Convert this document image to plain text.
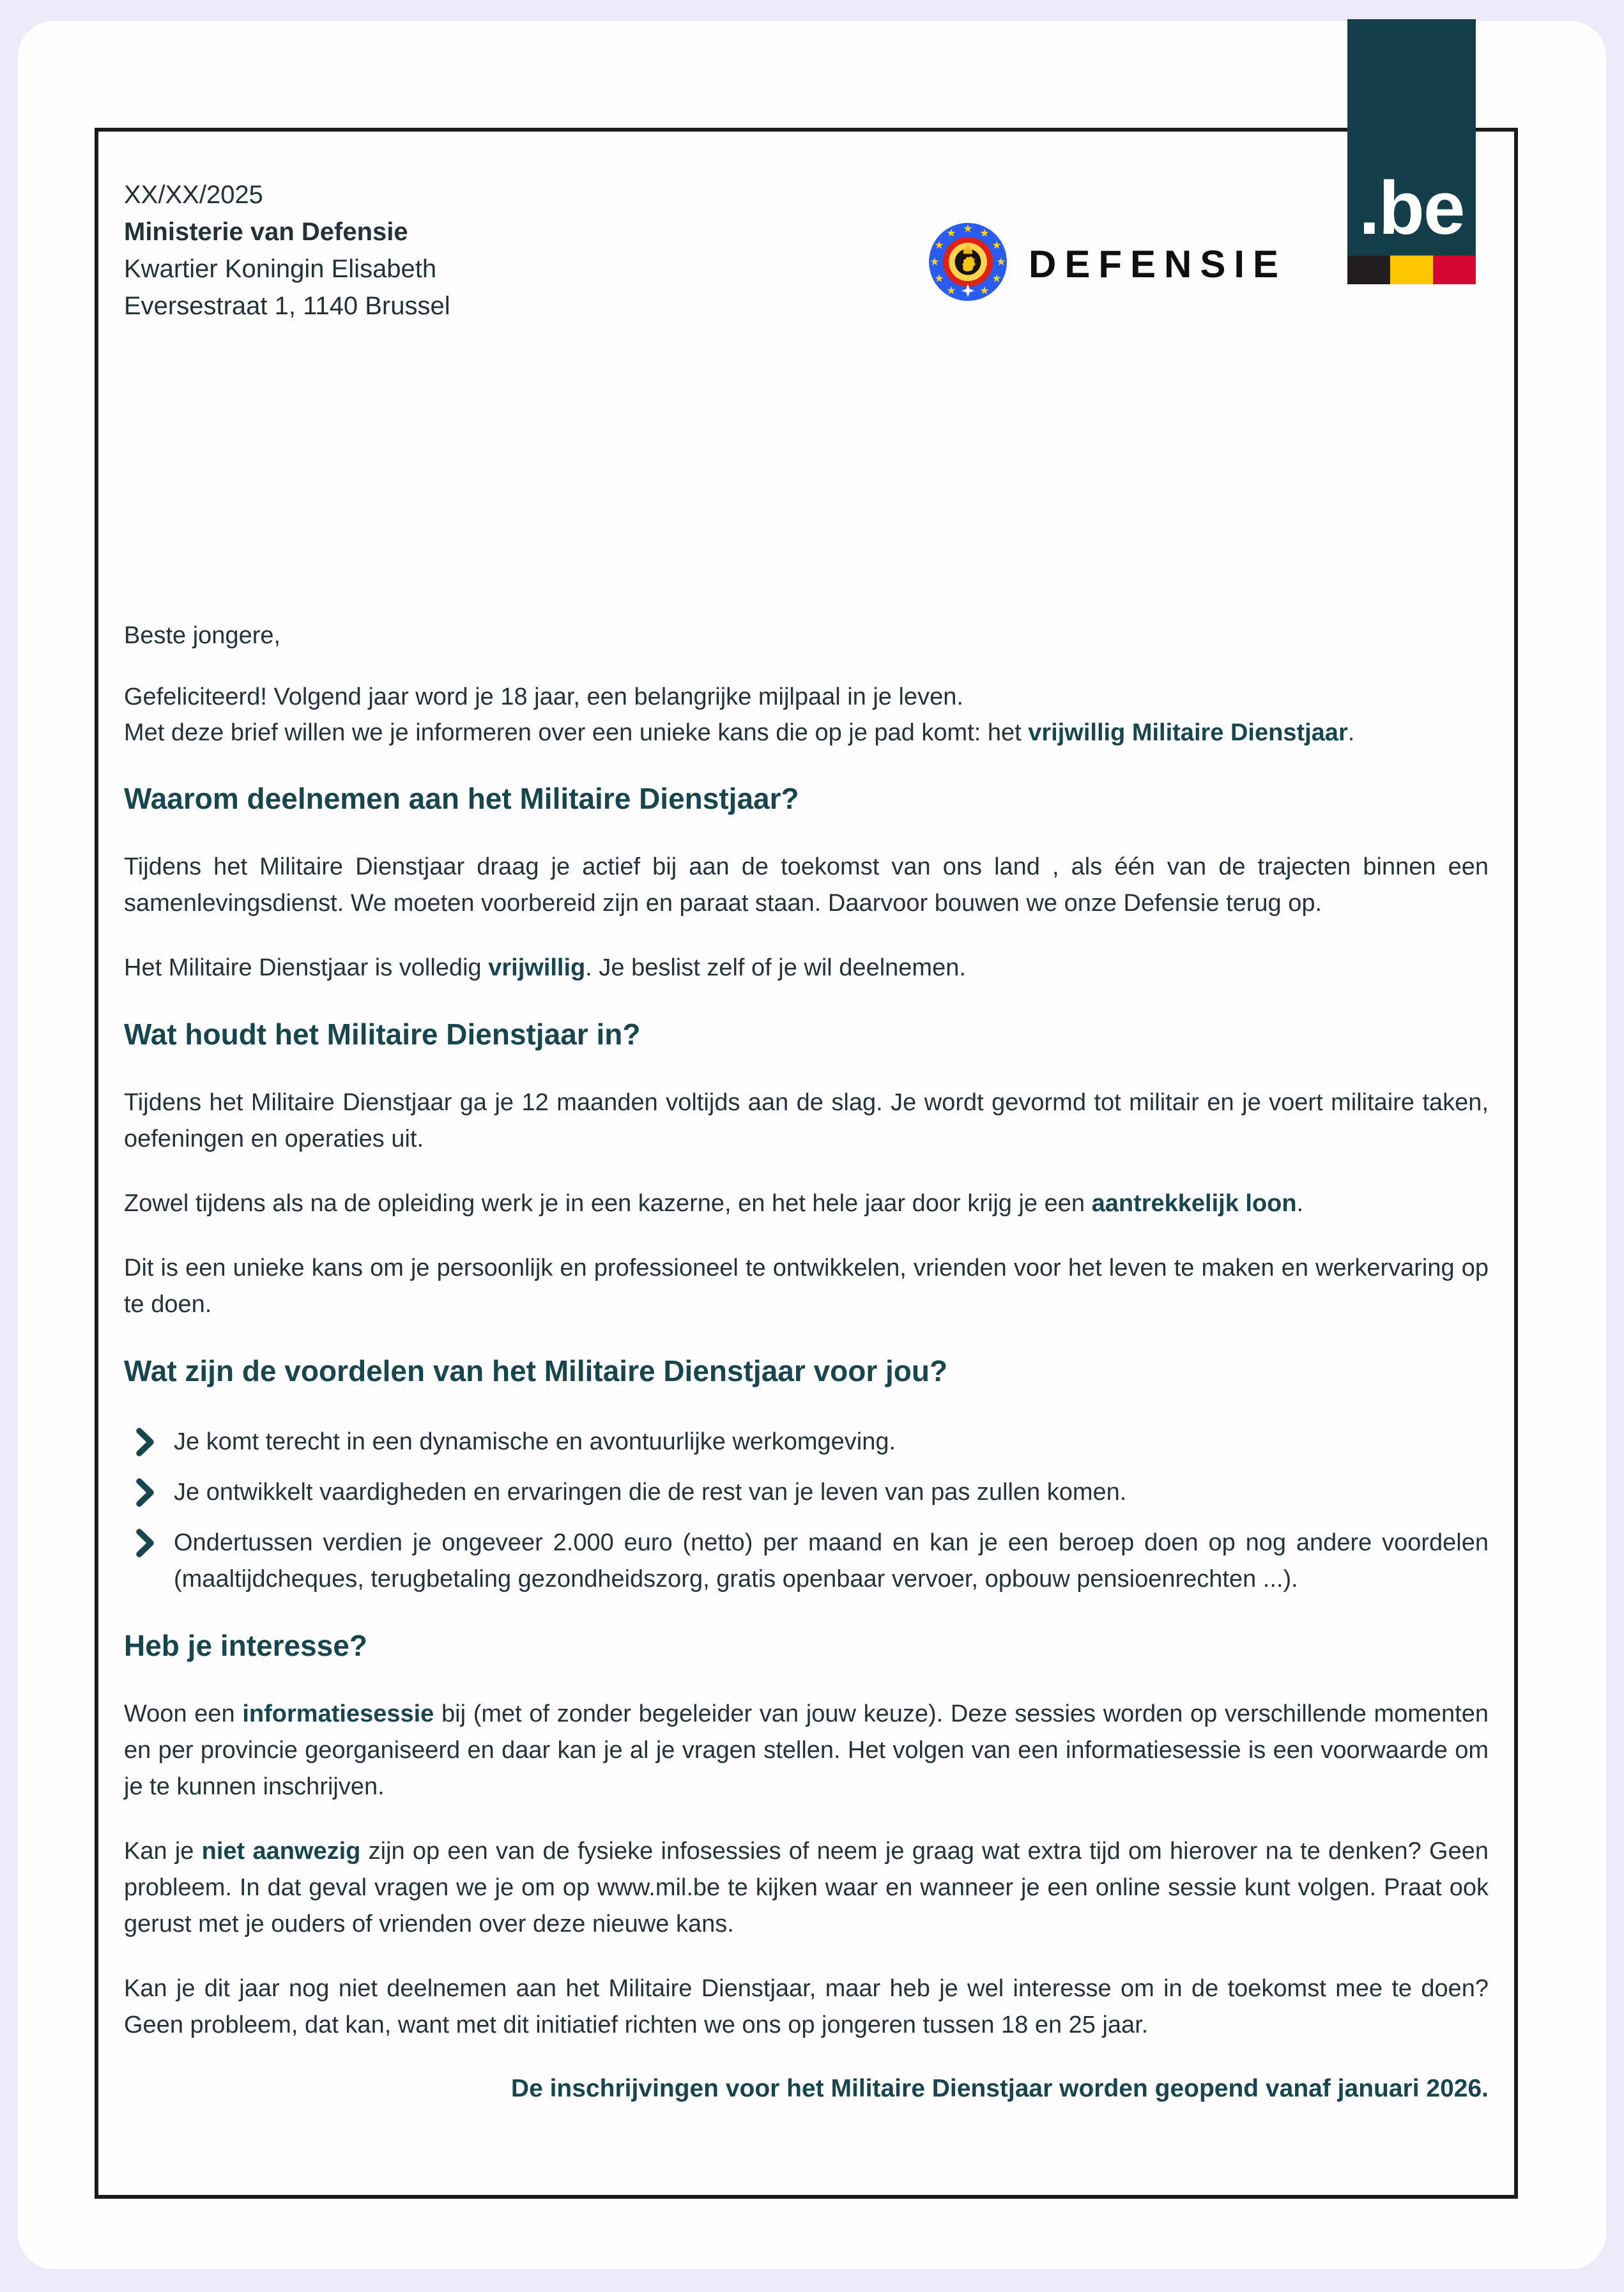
XX/XX/2025
Ministerie van Defensie
Kwartier Koningin Elisabeth
Eversestraat 1, 1140 Brussel
Beste jongere,
Gefeliciteerd! Volgend jaar word je 18 jaar, een belangrijke mijlpaal in je leven.
Met deze brief willen we je informeren over een unieke kans die op je pad komt: het vrijwillig Militaire Dienstjaar.
Waarom deelnemen aan het Militaire Dienstjaar?
Tijdens het Militaire Dienstjaar draag je actief bij aan de toekomst van ons land , als één van de trajecten binnen een samenlevingsdienst. We moeten voorbereid zijn en paraat staan. Daarvoor bouwen we onze Defensie terug op.
Het Militaire Dienstjaar is volledig vrijwillig. Je beslist zelf of je wil deelnemen.
Wat houdt het Militaire Dienstjaar in?
Tijdens het Militaire Dienstjaar ga je 12 maanden voltijds aan de slag. Je wordt gevormd tot militair en je voert militaire taken, oefeningen en operaties uit.
Zowel tijdens als na de opleiding werk je in een kazerne, en het hele jaar door krijg je een aantrekkelijk loon.
Dit is een unieke kans om je persoonlijk en professioneel te ontwikkelen, vrienden voor het leven te maken en werkervaring op te doen.
Wat zijn de voordelen van het Militaire Dienstjaar voor jou?
Je komt terecht in een dynamische en avontuurlijke werkomgeving.
Je ontwikkelt vaardigheden en ervaringen die de rest van je leven van pas zullen komen.
Ondertussen verdien je ongeveer 2.000 euro (netto) per maand en kan je een beroep doen op nog andere voordelen (maaltijdcheques, terugbetaling gezondheidszorg, gratis openbaar vervoer, opbouw pensioenrechten ...).
Heb je interesse?
Woon een informatiesessie bij (met of zonder begeleider van jouw keuze). Deze sessies worden op verschillende momenten en per provincie georganiseerd en daar kan je al je vragen stellen. Het volgen van een informatiesessie is een voorwaarde om je te kunnen inschrijven.
Kan je niet aanwezig zijn op een van de fysieke infosessies of neem je graag wat extra tijd om hierover na te denken? Geen probleem. In dat geval vragen we je om op www.mil.be te kijken waar en wanneer je een online sessie kunt volgen. Praat ook gerust met je ouders of vrienden over deze nieuwe kans.
Kan je dit jaar nog niet deelnemen aan het Militaire Dienstjaar, maar heb je wel interesse om in de toekomst mee te doen? Geen probleem, dat kan, want met dit initiatief richten we ons op jongeren tussen 18 en 25 jaar.
De inschrijvingen voor het Militaire Dienstjaar worden geopend vanaf januari 2026.
DEFENSIE
.be
